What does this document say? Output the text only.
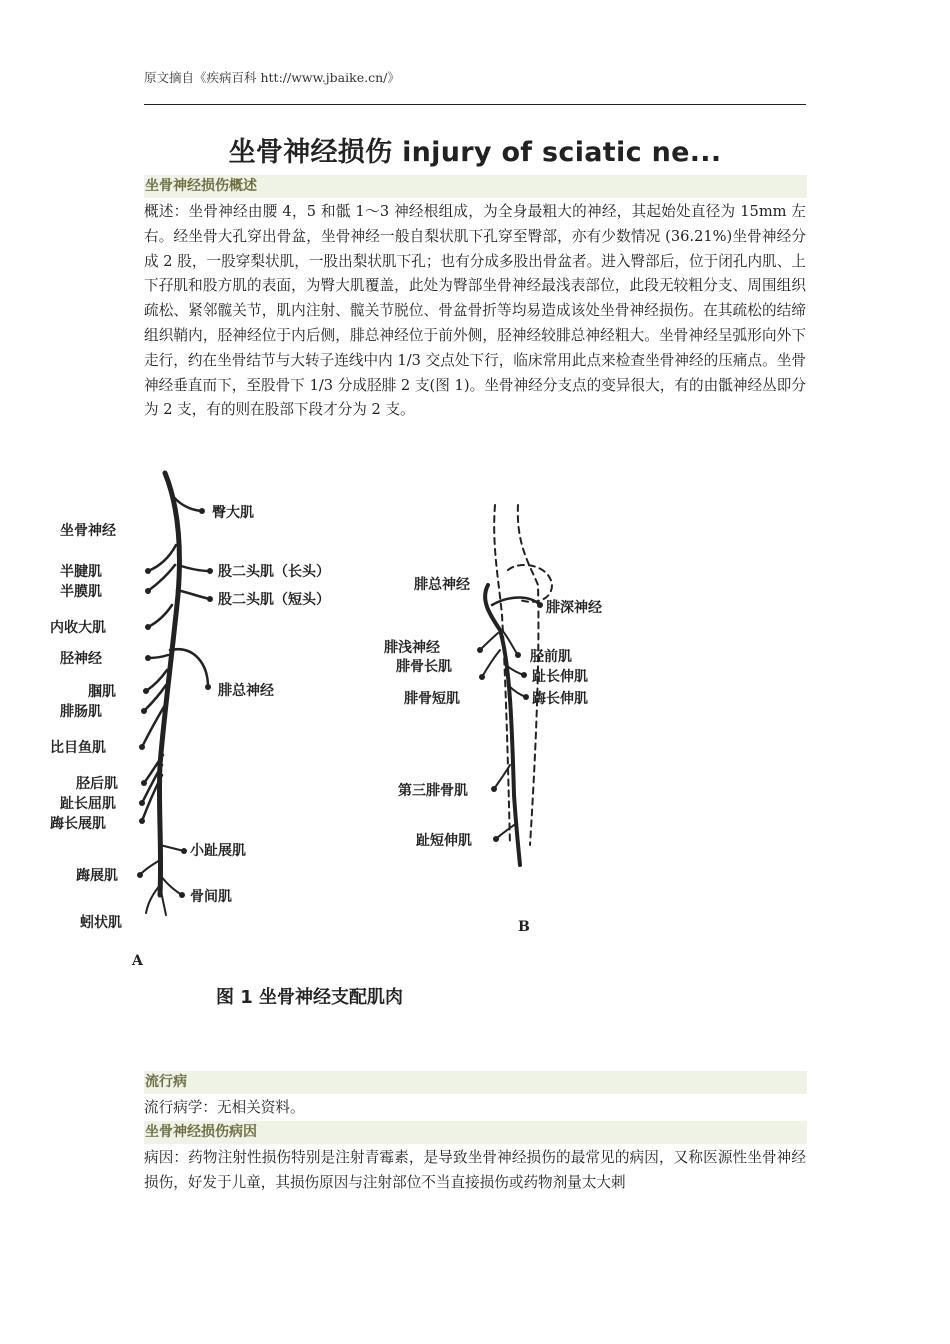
原文摘自《疾病百科 htt://www.jbaike.cn/》
坐骨神经损伤 injury of sciatic ne...
坐骨神经损伤概述
概述：坐骨神经由腰 4，5 和骶 1～3 神经根组成，为全身最粗大的神经，其起始处直径为 15mm 左右。经坐骨大孔穿出骨盆，坐骨神经一般自梨状肌下孔穿至臀部，亦有少数情况 (36.21%)坐骨神经分成 2 股，一股穿梨状肌，一股出梨状肌下孔；也有分成多股出骨盆者。进入臀部后，位于闭孔内肌、上下孖肌和股方肌的表面，为臀大肌覆盖，此处为臀部坐骨神经最浅表部位，此段无较粗分支、周围组织疏松、紧邻髋关节，肌内注射、髋关节脱位、骨盆骨折等均易造成该处坐骨神经损伤。在其疏松的结缔组织鞘内，胫神经位于内后侧，腓总神经位于前外侧，胫神经较腓总神经粗大。坐骨神经呈弧形向外下走行，约在坐骨结节与大转子连线中内 1/3 交点处下行，临床常用此点来检查坐骨神经的压痛点。坐骨神经垂直而下，至股骨下 1/3 分成胫腓 2 支(图 1)。坐骨神经分支点的变异很大，有的由骶神经丛即分为 2 支，有的则在股部下段才分为 2 支。
流行病
流行病学：无相关资料。
坐骨神经损伤病因
病因：药物注射性损伤特别是注射青霉素，是导致坐骨神经损伤的最常见的病因，又称医源性坐骨神经损伤，好发于儿童，其损伤原因与注射部位不当直接损伤或药物剂量太大刺
坐骨神经
臀大肌
半腱肌
半膜肌
股二头肌（长头）
股二头肌（短头）
内收大肌
胫神经
腓总神经
腘肌
腓肠肌
比目鱼肌
胫后肌
趾长屈肌
踇长展肌
小趾展肌
踇展肌
骨间肌
蚓状肌
A
腓总神经
腓深神经
腓浅神经
腓骨长肌
胫前肌
趾长伸肌
踇长伸肌
腓骨短肌
第三腓骨肌
趾短伸肌
B
图 1 坐骨神经支配肌肉
